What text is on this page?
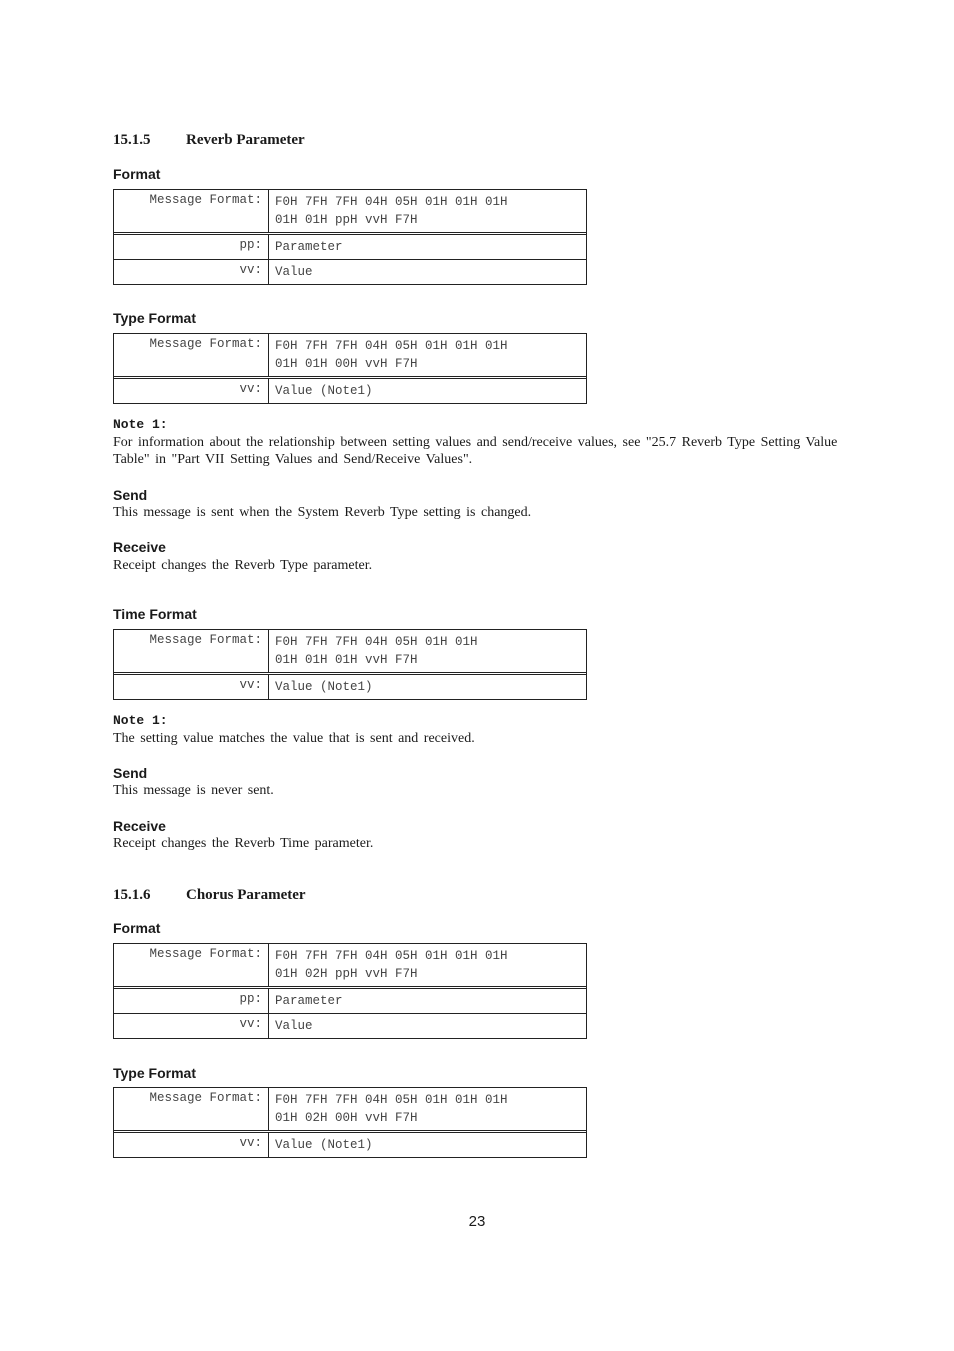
15.1.5 Reverb Parameter
Format
Message Format:	F0H 7FH 7FH 04H 05H 01H 01H 01H
01H 01H ppH vvH F7H
pp:	Parameter
vv:	Value
Type Format
Message Format:	F0H 7FH 7FH 04H 05H 01H 01H 01H
01H 01H 00H vvH F7H
vv:	Value (Note1)
Note 1:
For information about the relationship between setting values and send/receive values, see "25.7 Reverb Type Setting Value Table" in "Part VII Setting Values and Send/Receive Values".
Send
This message is sent when the System Reverb Type setting is changed.
Receive
Receipt changes the Reverb Type parameter.
Time Format
Message Format:	F0H 7FH 7FH 04H 05H 01H 01H
01H 01H 01H vvH F7H
vv:	Value (Note1)
Note 1:
The setting value matches the value that is sent and received.
Send
This message is never sent.
Receive
Receipt changes the Reverb Time parameter.
15.1.6 Chorus Parameter
Format
Message Format:	F0H 7FH 7FH 04H 05H 01H 01H 01H
01H 02H ppH vvH F7H
pp:	Parameter
vv:	Value
Type Format
Message Format:	F0H 7FH 7FH 04H 05H 01H 01H 01H
01H 02H 00H vvH F7H
vv:	Value (Note1)
23
